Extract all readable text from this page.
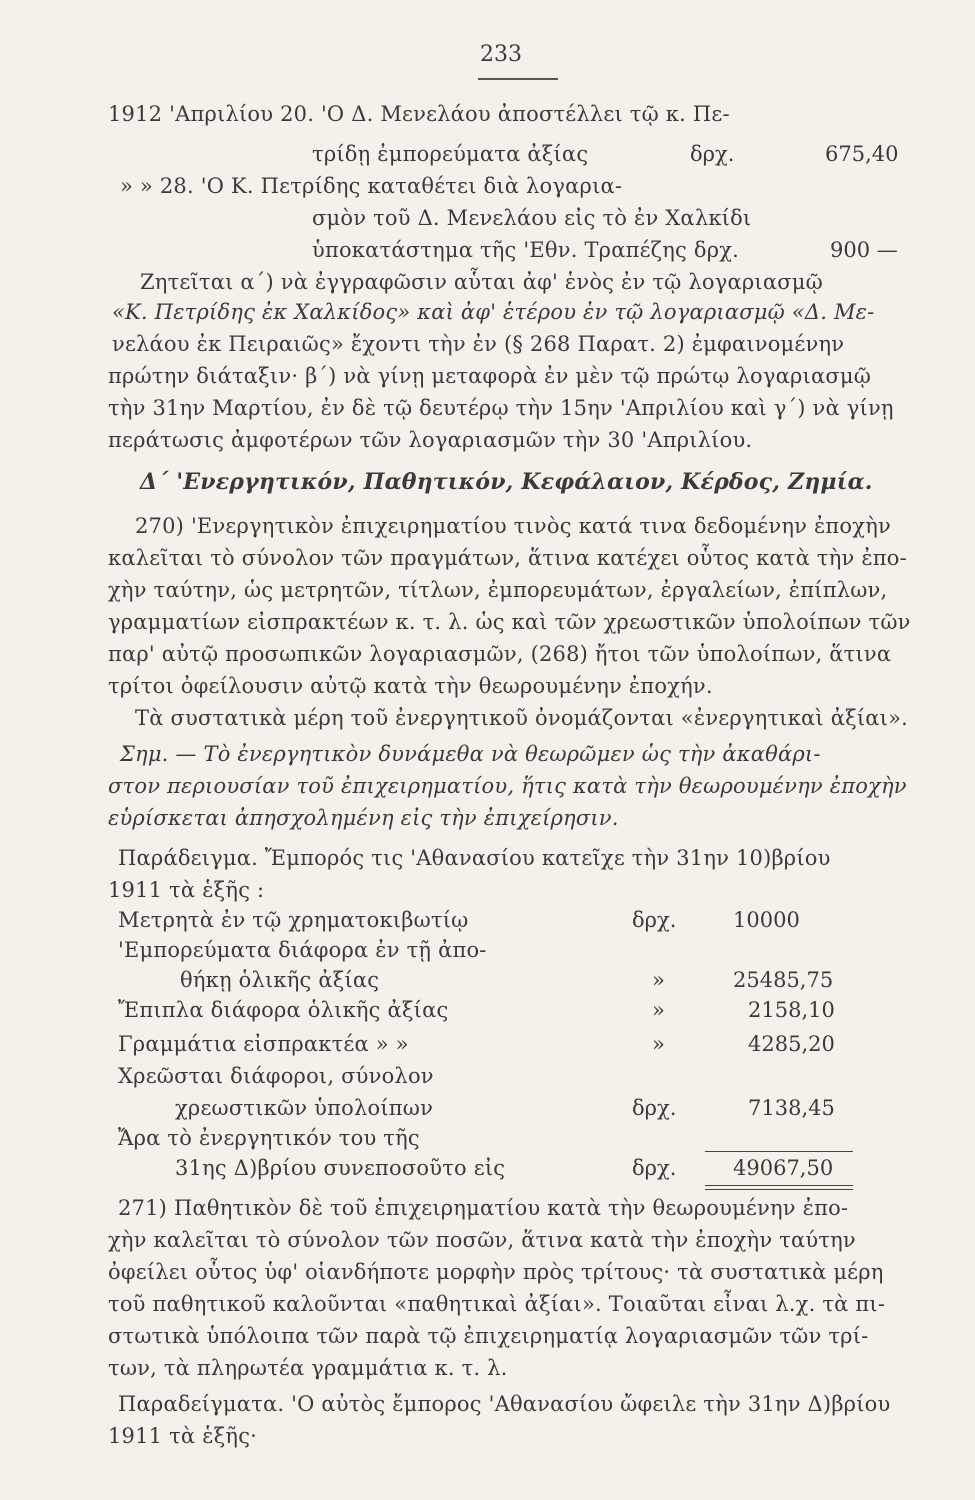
233
1912 'Απριλίου 20. 'Ο Δ. Μενελάου ἀποστέλλει τῷ κ. Πε-
τρίδῃ ἐμπορεύματα ἀξίας	δρχ.	675,40
» » 28. 'Ο Κ. Πετρίδης καταθέτει διὰ λογαρια-
σμὸν τοῦ Δ. Μενελάου εἰς τὸ ἐν Χαλκίδι
ὑποκατάστημα τῆς 'Εθν. Τραπέζης δρχ.	900 —
Ζητεῖται α΄) νὰ ἐγγραφῶσιν αὗται ἀφ' ἑνὸς ἐν τῷ λογαριασμῷ
«Κ. Πετρίδης ἐκ Χαλκίδος» καὶ ἀφ' ἑτέρου ἐν τῷ λογαριασμῷ «Δ. Με-
νελάου ἐκ Πειραιῶς» ἔχοντι τὴν ἐν (§ 268 Παρατ. 2) ἐμφαινομένην
πρώτην διάταξιν· β΄) νὰ γίνῃ μεταφορὰ ἐν μὲν τῷ πρώτῳ λογαριασμῷ
τὴν 31ην Μαρτίου, ἐν δὲ τῷ δευτέρῳ τὴν 15ην 'Απριλίου καὶ γ΄) νὰ γίνῃ
περάτωσις ἀμφοτέρων τῶν λογαριασμῶν τὴν 30 'Απριλίου.
Δ΄ 'Ενεργητικόν, Παθητικόν, Κεφάλαιον, Κέρδος, Ζημία.
270) 'Ενεργητικὸν ἐπιχειρηματίου τινὸς κατά τινα δεδομένην ἐποχὴν
καλεῖται τὸ σύνολον τῶν πραγμάτων, ἅτινα κατέχει οὗτος κατὰ τὴν ἐπο-
χὴν ταύτην, ὡς μετρητῶν, τίτλων, ἐμπορευμάτων, ἐργαλείων, ἐπίπλων,
γραμματίων εἰσπρακτέων κ. τ. λ. ὡς καὶ τῶν χρεωστικῶν ὑπολοίπων τῶν
παρ' αὐτῷ προσωπικῶν λογαριασμῶν, (268) ἤτοι τῶν ὑπολοίπων, ἅτινα
τρίτοι ὀφείλουσιν αὐτῷ κατὰ τὴν θεωρουμένην ἐποχήν.
Τὰ συστατικὰ μέρη τοῦ ἐνεργητικοῦ ὀνομάζονται «ἐνεργητικαὶ ἀξίαι».
Σημ. — Τὸ ἐνεργητικὸν δυνάμεθα νὰ θεωρῶμεν ὡς τὴν ἀκαθάρι-
στον περιουσίαν τοῦ ἐπιχειρηματίου, ἥτις κατὰ τὴν θεωρουμένην ἐποχὴν
εὑρίσκεται ἀπησχολημένη εἰς τὴν ἐπιχείρησιν.
Παράδειγμα. Ἔμπορός τις 'Αθανασίου κατεῖχε τὴν 31ην 10)βρίου
1911 τὰ ἑξῆς :
Μετρητὰ ἐν τῷ χρηματοκιβωτίῳ	δρχ.	10000
'Εμπορεύματα διάφορα ἐν τῇ ἀπο-
θήκῃ ὁλικῆς ἀξίας	»	25485,75
Ἔπιπλα διάφορα ὁλικῆς ἀξίας	»	2158,10
Γραμμάτια εἰσπρακτέα » »	»	4285,20
Χρεῶσται διάφοροι, σύνολον
χρεωστικῶν ὑπολοίπων	δρχ.	7138,45
Ἄρα τὸ ἐνεργητικόν του τῆς
31ης Δ)βρίου συνεποσοῦτο εἰς	δρχ.	49067,50
271) Παθητικὸν δὲ τοῦ ἐπιχειρηματίου κατὰ τὴν θεωρουμένην ἐπο-
χὴν καλεῖται τὸ σύνολον τῶν ποσῶν, ἅτινα κατὰ τὴν ἐποχὴν ταύτην
ὀφείλει οὗτος ὑφ' οἱανδήποτε μορφὴν πρὸς τρίτους· τὰ συστατικὰ μέρη
τοῦ παθητικοῦ καλοῦνται «παθητικαὶ ἀξίαι». Τοιαῦται εἶναι λ.χ. τὰ πι-
στωτικὰ ὑπόλοιπα τῶν παρὰ τῷ ἐπιχειρηματίᾳ λογαριασμῶν τῶν τρί-
των, τὰ πληρωτέα γραμμάτια κ. τ. λ.
Παραδείγματα. 'Ο αὐτὸς ἔμπορος 'Αθανασίου ὤφειλε τὴν 31ην Δ)βρίου
1911 τὰ ἑξῆς·
